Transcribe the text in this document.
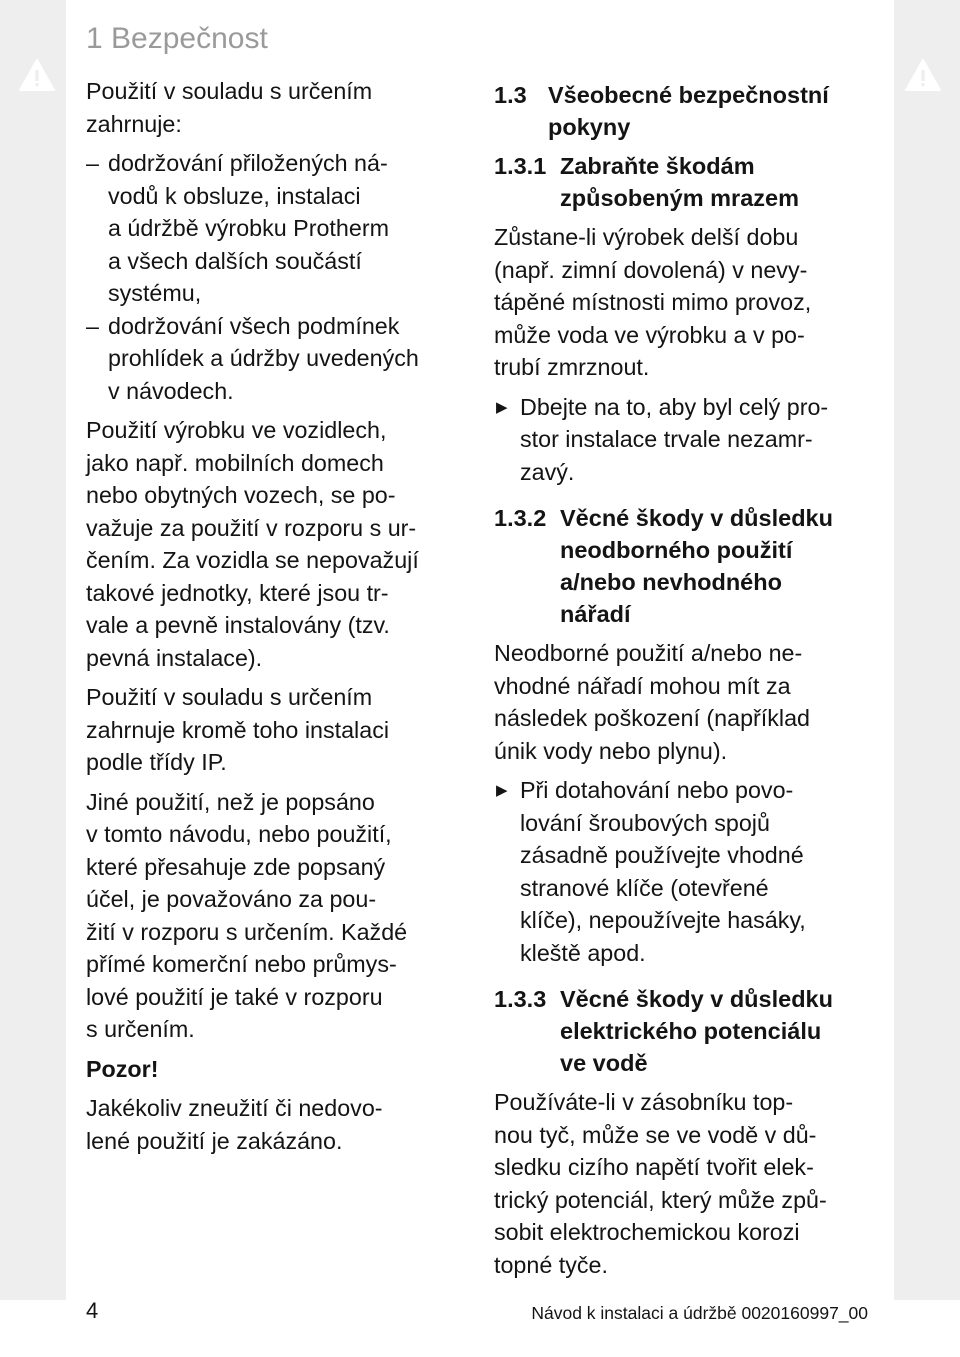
1 Bezpečnost

Použití v souladu s určením
zahrnuje:

– dodržování přiložených ná-
vodů k obsluze, instalaci
a údržbě výrobku Protherm
a všech dalších součástí
systému,
– dodržování všech podmínek
prohlídek a údržby uvedených
v návodech.

Použití výrobku ve vozidlech,
jako např. mobilních domech
nebo obytných vozech, se po-
važuje za použití v rozporu s ur-
čením. Za vozidla se nepovažují
takové jednotky, které jsou tr-
vale a pevně instalovány (tzv.
pevná instalace).

Použití v souladu s určením
zahrnuje kromě toho instalaci
podle třídy IP.

Jiné použití, než je popsáno
v tomto návodu, nebo použití,
které přesahuje zde popsaný
účel, je považováno za pou-
žití v rozporu s určením. Každé
přímé komerční nebo průmys-
lové použití je také v rozporu
s určením.

Pozor!

Jakékoliv zneužití či nedovo-
lené použití je zakázáno.

1.3 Všeobecné bezpečnostní
pokyny
1.3.1 Zabraňte škodám
způsobeným mrazem

Zůstane-li výrobek delší dobu
(např. zimní dovolená) v nevy-
tápěné místnosti mimo provoz,
může voda ve výrobku a v po-
trubí zmrznout.

▶ Dbejte na to, aby byl celý pro-
stor instalace trvale nezamr-
zavý.
1.3.2 Věcné škody v důsledku
neodborného použití
a/nebo nevhodného
nářadí

Neodborné použití a/nebo ne-
vhodné nářadí mohou mít za
následek poškození (například
únik vody nebo plynu).

▶ Při dotahování nebo povo-
lování šroubových spojů
zásadně používejte vhodné
stranové klíče (otevřené
klíče), nepoužívejte hasáky,
kleště apod.
1.3.3 Věcné škody v důsledku
elektrického potenciálu
ve vodě

Používáte-li v zásobníku top-
nou tyč, může se ve vodě v dů-
sledku cizího napětí tvořit elek-
trický potenciál, který může způ-
sobit elektrochemickou korozi
topné tyče.

4	Návod k instalaci a údržbě 0020160997_00
